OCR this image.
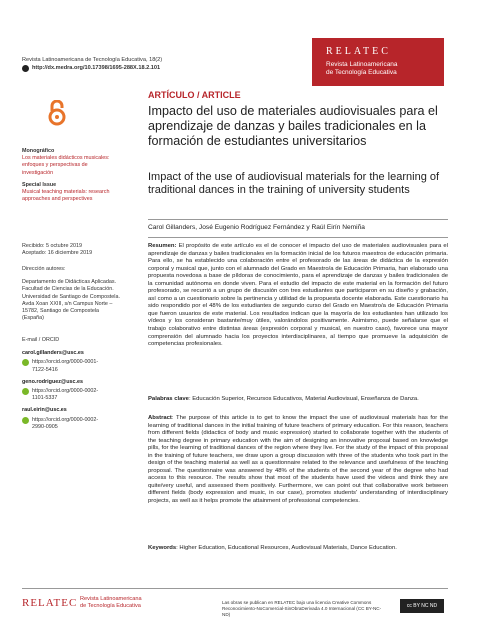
Revista Latinoamericana de Tecnología Educativa, 18(2)
http://dx.medra.org/10.17398/1695-288X.18.2.101
RELATEC
Revista Latinoamericana
de Tecnología Educativa
Monográfico
Los materiales didácticos musicales: enfoques y perspectivas de investigación
Special Issue
Musical teaching materials: research approaches and perspectives
Recibido: 5 octubre 2019
Aceptado: 16 diciembre 2019
Dirección autores:
Departamento de Didácticas Aplicadas. Facultad de Ciencias de la Educación. Universidad de Santiago de Compostela. Avda Xoan XXIII, s/n Campus Norte – 15782, Santiago de Compostela (España)
E-mail / ORCID
carol.gillanders@usc.es
https://orcid.org/0000-0001-
7122-5416
geno.rodriguez@usc.es
https://orcid.org/0000-0002-
1101-5337
raul.eirin@usc.es
https://orcid.org/0000-0002-
2990-0905
ARTÍCULO / ARTICLE
Impacto del uso de materiales audiovisuales para el aprendizaje de danzas y bailes tradicionales en la formación de estudiantes universitarios
Impact of the use of audiovisual materials for the learning of traditional dances in the training of university students
Carol Gillanders, José Eugenio Rodríguez Fernández y Raúl Eirín Nemiña
Resumen: El propósito de este artículo es el de conocer el impacto del uso de materiales audiovisuales para el aprendizaje de danzas y bailes tradicionales en la formación inicial de los futuros maestros de educación primaria. Para ello, se ha establecido una colaboración entre el profesorado de las áreas de didáctica de la expresión corporal y musical que, junto con el alumnado del Grado en Maestro/a de Educación Primaria, han elaborado una propuesta novedosa a base de píldoras de conocimiento, para el aprendizaje de danzas y bailes tradicionales de la comunidad autónoma en donde viven. Para el estudio del impacto de este material en la formación del futuro profesorado, se recurrió a un grupo de discusión con tres estudiantes que participaron en su diseño y grabación, así como a un cuestionario sobre la pertinencia y utilidad de la propuesta docente elaborada. Este cuestionario ha sido respondido por el 48% de los estudiantes de segundo curso del Grado en Maestro/a de Educación Primaria que fueron usuarios de este material. Los resultados indican que la mayoría de los estudiantes han utilizado los vídeos y los consideran bastante/muy útiles, valorándolos positivamente. Asimismo, puede señalarse que el trabajo colaborativo entre distintas áreas (expresión corporal y musical, en nuestro caso), favorece una mayor comprensión del alumnado hacia los proyectos interdisciplinares, al tiempo que promueve la adquisición de competencias profesionales.
Palabras clave: Educación Superior, Recursos Educativos, Material Audiovisual, Enseñanza de Danza.
Abstract: The purpose of this article is to get to know the impact the use of audiovisual materials has for the learning of traditional dances in the initial training of future teachers of primary education. For this reason, teachers from different fields (didactics of body and music expression) started to collaborate together with the students of the teaching degree in primary education with the aim of designing an innovative proposal based on knowledge pills, for the learning of traditional dances of the region where they live. For the study of the impact of this proposal in the training of future teachers, we draw upon a group discussion with three of the students who took part in the design of the teaching material as well as a questionnaire related to the relevance and usefulness of the teaching proposal. The questionnaire was answered by 48% of the students of the second year of the degree who had access to this resource. The results show that most of the students have used the videos and think they are quite/very useful, and assessed them positively. Furthermore, we can point out that collaborative work between different fields (body expression and music, in our case), promotes students' understanding of interdisciplinary projects, as well as it helps promote the attainment of professional competencies.
Keywords: Higher Education, Educational Resources, Audiovisual Materials, Dance Education.
RELATEC Revista Latinoamericana
de Tecnología Educativa
Las obras se publican en RELATEC bajo una licencia Creative Commons
Reconocimiento-NoComercial-SinObraDerivada 4.0 Internacional (CC BY-NC-ND)
cc BY NC ND
